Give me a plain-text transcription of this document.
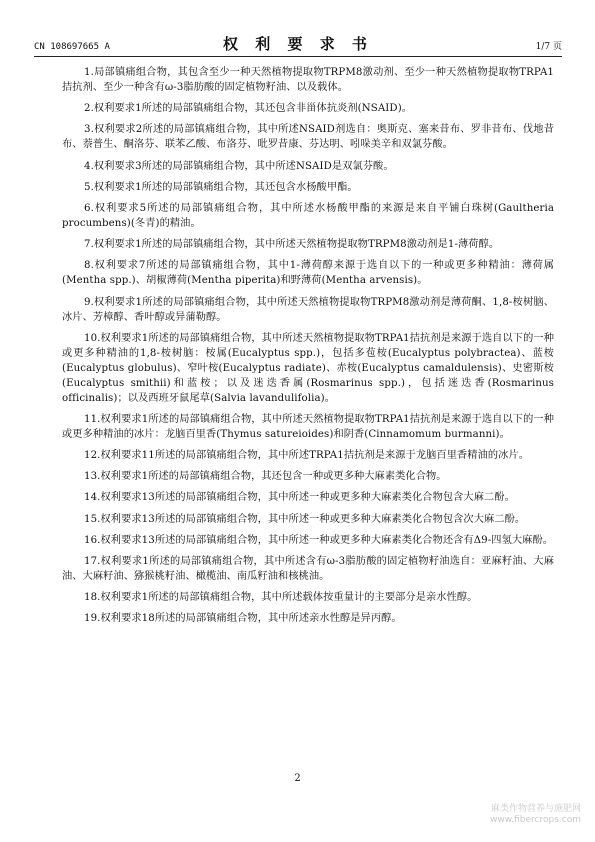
CN 108697665 A	权 利 要 求 书	1/7 页

1.局部镇痛组合物，其包含至少一种天然植物提取物TRPM8激动剂、至少一种天然植物提取物TRPA1拮抗剂、至少一种含有ω-3脂肪酸的固定植物籽油、以及载体。

2.权利要求1所述的局部镇痛组合物，其还包含非甾体抗炎剂(NSAID)。

3.权利要求2所述的局部镇痛组合物，其中所述NSAID剂选自：奥斯克、塞来昔布、罗非昔布、伐地昔布、萘普生、酮洛芬、联苯乙酸、布洛芬、吡罗昔康、芬达明、吲哚美辛和双氯芬酸。

4.权利要求3所述的局部镇痛组合物，其中所述NSAID是双氯芬酸。

5.权利要求1所述的局部镇痛组合物，其还包含水杨酸甲酯。

6.权利要求5所述的局部镇痛组合物，其中所述水杨酸甲酯的来源是来自平铺白珠树(Gaultheria procumbens)(冬青)的精油。

7.权利要求1所述的局部镇痛组合物，其中所述天然植物提取物TRPM8激动剂是1-薄荷醇。

8.权利要求7所述的局部镇痛组合物，其中1-薄荷醇来源于选自以下的一种或更多种精油：薄荷属(Mentha spp.)、胡椒薄荷(Mentha piperita)和野薄荷(Mentha arvensis)。

9.权利要求1所述的局部镇痛组合物，其中所述天然植物提取物TRPM8激动剂是薄荷酮、1,8-桉树脑、冰片、芳樟醇、香叶醇或异蒲勒醇。

10.权利要求1所述的局部镇痛组合物，其中所述天然植物提取物TRPA1拮抗剂是来源于选自以下的一种或更多种精油的1,8-桉树脑：桉属(Eucalyptus spp.)，包括多苞桉(Eucalyptus polybractea)、蓝桉(Eucalyptus globulus)、窄叶桉(Eucalyptus radiate)、赤桉(Eucalyptus camaldulensis)、史密斯桉(Eucalyptus smithii)和蓝桉；以及迷迭香属(Rosmarinus spp.)，包括迷迭香(Rosmarinus officinalis)；以及西班牙鼠尾草(Salvia lavandulifolia)。

11.权利要求1所述的局部镇痛组合物，其中所述天然植物提取物TRPA1拮抗剂是来源于选自以下的一种或更多种精油的冰片：龙脑百里香(Thymus satureioides)和阴香(Cinnamomum burmanni)。

12.权利要求11所述的局部镇痛组合物，其中所述TRPA1拮抗剂是来源于龙脑百里香精油的冰片。

13.权利要求1所述的局部镇痛组合物，其还包含一种或更多种大麻素类化合物。

14.权利要求13所述的局部镇痛组合物，其中所述一种或更多种大麻素类化合物包含大麻二酚。

15.权利要求13所述的局部镇痛组合物，其中所述一种或更多种大麻素类化合物包含次大麻二酚。

16.权利要求13所述的局部镇痛组合物，其中所述一种或更多种大麻素类化合物还含有Δ9-四氢大麻酚。

17.权利要求1所述的局部镇痛组合物，其中所述含有ω-3脂肪酸的固定植物籽油选自：亚麻籽油、大麻油、大麻籽油、猕猴桃籽油、橄榄油、南瓜籽油和核桃油。

18.权利要求1所述的局部镇痛组合物，其中所述载体按重量计的主要部分是亲水性醇。

19.权利要求18所述的局部镇痛组合物，其中所述亲水性醇是异丙醇。

2
麻类作物营养与施肥网
www.fibercrops.com
